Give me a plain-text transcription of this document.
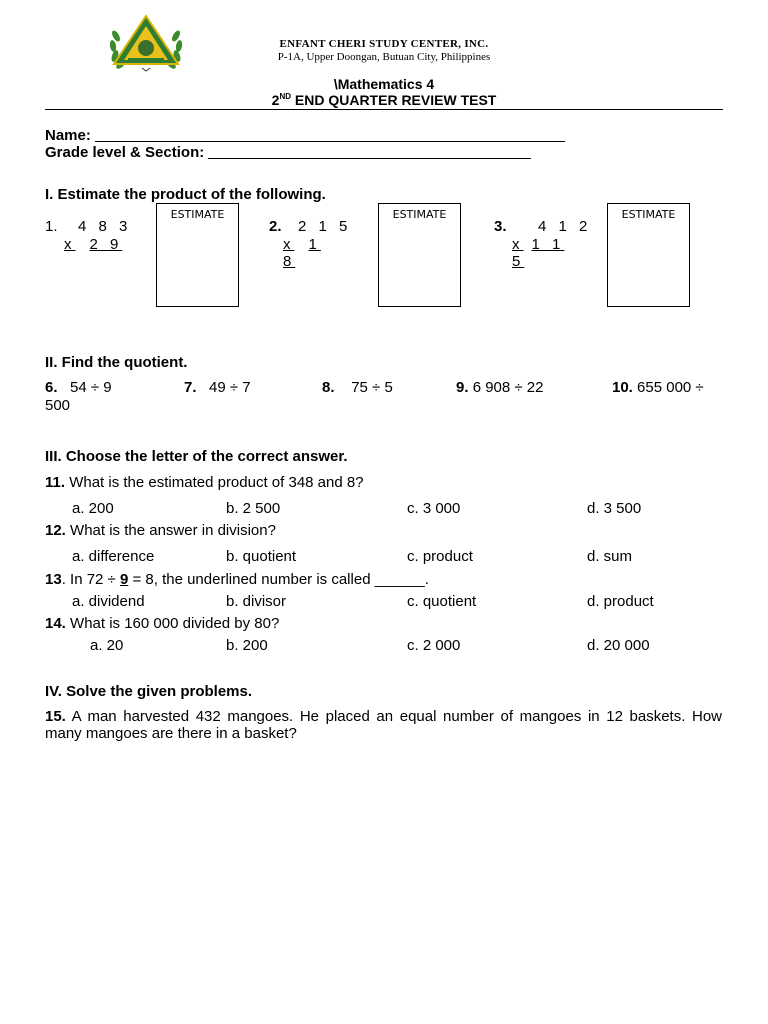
ENFANT CHERI STUDY CENTER, INC.
P-1A, Upper Doongan, Butuan City, Philippines
\Mathematics 4
2ND END QUARTER REVIEW TEST
Name:
Grade level & Section:
I. Estimate the product of the following.
1. 4 8 3
x 2 9
ESTIMATE
2. 2 1 5
x 1 8
ESTIMATE
3. 4 1 2
x 1 1 5
ESTIMATE
II. Find the quotient.
6. 54 ÷ 9	7. 49 ÷ 7	8. 75 ÷ 5	9. 6 908 ÷ 22	10. 655 000 ÷
500
III. Choose the letter of the correct answer.
11. What is the estimated product of 348 and 8?
a. 200	b. 2 500	c. 3 000	d. 3 500
12. What is the answer in division?
a. difference	b. quotient	c. product	d. sum
13. In 72 ÷ 9 = 8, the underlined number is called ______.
a. dividend	b. divisor	c. quotient	d. product
14. What is 160 000 divided by 80?
a. 20	b. 200	c. 2 000	d. 20 000
IV. Solve the given problems.
15. A man harvested 432 mangoes. He placed an equal number of mangoes in 12 baskets. How many mangoes are there in a basket?
